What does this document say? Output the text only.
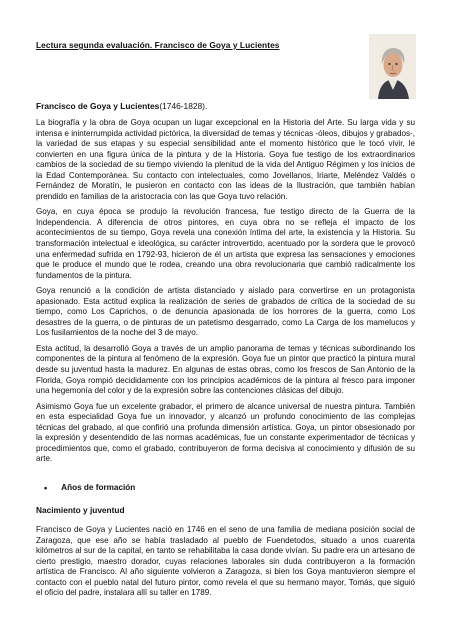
Lectura segunda evaluación. Francisco de Goya y Lucientes
Francisco de Goya y Lucientes(1746-1828).

La biografía y la obra de Goya ocupan un lugar excepcional en la Historia del Arte. Su larga vida y su intensa e ininterrumpida actividad pictórica, la diversidad de temas y técnicas -óleos, dibujos y grabados-, la variedad de sus etapas y su especial sensibilidad ante el momento histórico que le tocó vivir, le convierten en una figura única de la pintura y de la Historia. Goya fue testigo de los extraordinarios cambios de la sociedad de su tiempo viviendo la plenitud de la vida del Antiguo Régimen y los inicios de la Edad Contemporánea. Su contacto con intelectuales, como Jovellanos, Iriarte, Meléndez Valdés o Fernández de Moratín, le pusieron en contacto con las ideas de la Ilustración, que también habían prendido en familias de la aristocracia con las que Goya tuvo relación.

Goya, en cuya época se produjo la revolución francesa, fue testigo directo de la Guerra de la Independencia. A diferencia de otros pintores, en cuya obra no se refleja el impacto de los acontecimientos de su tiempo, Goya revela una conexión íntima del arte, la existencia y la Historia. Su transformación intelectual e ideológica, su carácter introvertido, acentuado por la sordera que le provocó una enfermedad sufrida en 1792-93, hicieron de él un artista que expresa las sensaciones y emociones que le produce el mundo que le rodea, creando una obra revolucionaria que cambió radicalmente los fundamentos de la pintura.

Goya renunció a la condición de artista distanciado y aislado para convertirse en un protagonista apasionado. Esta actitud explica la realización de series de grabados de crítica de la sociedad de su tiempo, como Los Caprichos, o de denuncia apasionada de los horrores de la guerra, como Los desastres de la guerra, o de pinturas de un patetismo desgarrado, como La Carga de los mamelucos y Los fusilamientos de la noche del 3 de mayo.

Esta actitud, la desarrolló Goya a través de un amplio panorama de temas y técnicas subordinando los componentes de la pintura al fenómeno de la expresión. Goya fue un pintor que practicó la pintura mural desde su juventud hasta la madurez. En algunas de estas obras, como los frescos de San Antonio de la Florida, Goya rompió decididamente con los principios académicos de la pintura al fresco para imponer una hegemonía del color y de la expresión sobre las contenciones clásicas del dibujo.

Asimismo Goya fue un excelente grabador, el primero de alcance universal de nuestra pintura. También en esta especialidad Goya fue un innovador, y alcanzó un profundo conocimiento de las complejas técnicas del grabado, al que confirió una profunda dimensión artística. Goya, un pintor obsesionado por la expresión y desentendido de las normas académicas, fue un constante experimentador de técnicas y procedimientos que, como el grabado, contribuyeron de forma decisiva al conocimiento y difusión de su arte.

• Años de formación
Nacimiento y juventud

Francisco de Goya y Lucientes nació en 1746 en el seno de una familia de mediana posición social de Zaragoza, que ese año se había trasladado al pueblo de Fuendetodos, situado a unos cuarenta kilómetros al sur de la capital, en tanto se rehabilitaba la casa donde vivían. Su padre era un artesano de cierto prestigio, maestro dorador, cuyas relaciones laborales sin duda contribuyeron a la formación artística de Francisco. Al año siguiente volvieron a Zaragoza, si bien los Goya mantuvieron siempre el contacto con el pueblo natal del futuro pintor, como revela el que su hermano mayor, Tomás, que siguió el oficio del padre, instalara allí su taller en 1789.
